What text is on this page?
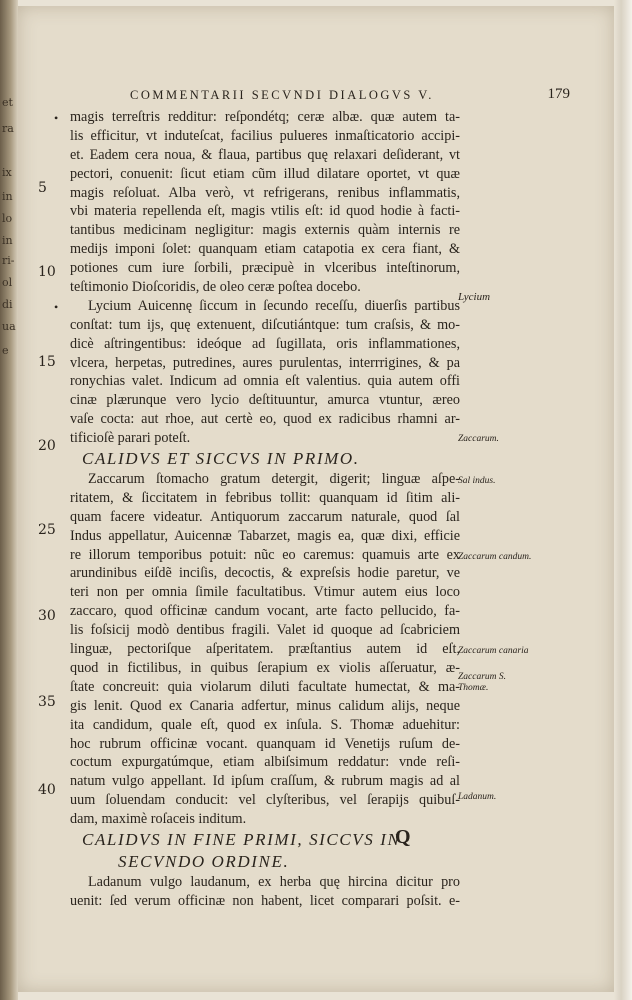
et
ra
ix
in
lo
in
ri-
ol
di
ua
e
COMMENTARII SECVNDI DIALOGVS V.	179
•
•
5
10
15
20
25
30
35
40
magis terreſtris redditur: reſpondétq; ceræ albæ. quæ autem ta-
lis efficitur, vt induteſcat, facilius pulueres inmaſticatorio accipi-
et. Eadem cera noua, & flaua, partibus quę relaxari deſiderant, vt
pectori, conuenit: ſicut etiam cũm illud dilatare oportet, vt quæ
magis reſoluat. Alba verò, vt refrigerans, renibus inflammatis,
vbi materia repellenda eſt, magis vtilis eſt: id quod hodie à facti-
tantibus medicinam negligitur: magis externis quàm internis re
medijs imponi ſolet: quanquam etiam catapotia ex cera fiant, &
potiones cum iure ſorbili, præcipuè in vlceribus inteſtinorum,
teſtimonio Dioſcoridis, de oleo ceræ poſtea docebo.
Lycium Auicennę ſiccum in ſecundo receſſu, diuerſis partibus
conſtat: tum ijs, quę extenuent, diſcutiántque: tum craſsis, & mo-
dicè aſtringentibus: ideóque ad ſugillata, oris inflammationes,
vlcera, herpetas, putredines, aures purulentas, interrrigines, & pa
ronychias valet. Indicum ad omnia eſt valentius. quia autem offi
cinæ plærunque vero lycio deſtituuntur, amurca vtuntur, æreo
vaſe cocta: aut rhoe, aut certè eo, quod ex radicibus rhamni ar-
tificioſè parari poteſt.
CALIDVS ET SICCVS IN PRIMO.
Zaccarum ſtomacho gratum detergit, digerit; linguæ aſpe-
ritatem, & ſiccitatem in febribus tollit: quanquam id ſitim ali-
quam facere videatur. Antiquorum zaccarum naturale, quod ſal
Indus appellatur, Auicennæ Tabarzet, magis ea, quæ dixi, efficie
re illorum temporibus potuit: nũc eo caremus: quamuis arte ex
arundinibus eiſdẽ inciſis, decoctis, & expreſsis hodie paretur, ve
teri non per omnia ſimile facultatibus. Vtimur autem eius loco
zaccaro, quod officinæ candum vocant, arte facto pellucido, fa-
lis foſsicij modò dentibus fragili. Valet id quoque ad ſcabriciem
linguæ, pectoriſque aſperitatem. præſtantius autem id eſt,
quod in fictilibus, in quibus ſerapium ex violis aſſeruatur, æ-
ſtate concreuit: quia violarum diluti facultate humectat, & ma-
gis lenit. Quod ex Canaria adfertur, minus calidum alijs, neque
ita candidum, quale eſt, quod ex inſula. S. Thomæ aduehitur:
hoc rubrum officinæ vocant. quanquam id Venetijs ruſum de-
coctum expurgatúmque, etiam albiſsimum reddatur: vnde reſi-
natum vulgo appellant. Id ipſum craſſum, & rubrum magis ad al
uum ſoluendam conducit: vel clyſteribus, vel ſerapijs quibuſ-
dam, maximè roſaceis inditum.
CALIDVS IN FINE PRIMI, SICCVS IN
SECVNDO ORDINE.
Ladanum vulgo laudanum, ex herba quę hircina dicitur pro
uenit: ſed verum officinæ non habent, licet comparari poſsit. e-
Lycium
Zaccarum.
Sal indus.
Zaccarum candum.
Zaccarum canaria
Zaccarum S. Thomæ.
Ladanum.
Q
